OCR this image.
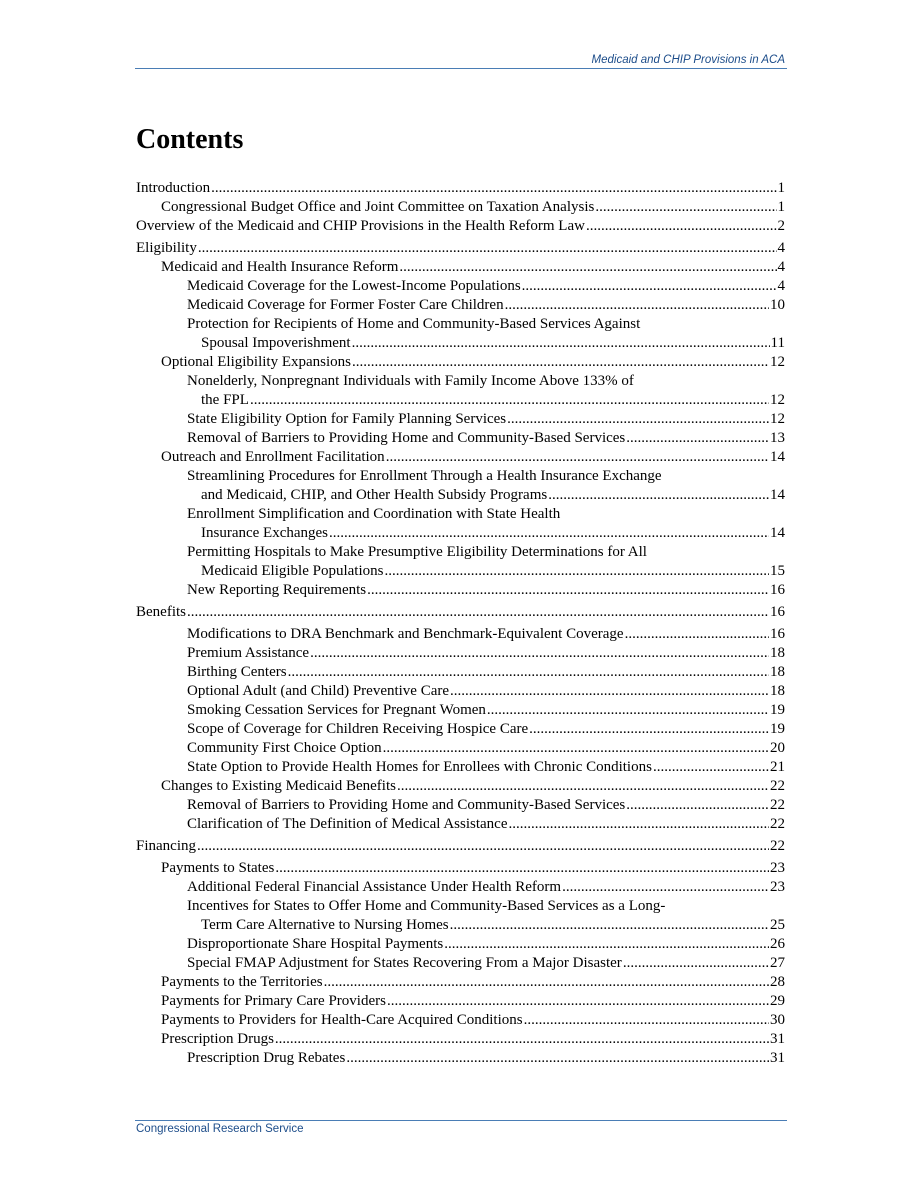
Medicaid and CHIP Provisions in ACA
Contents
Introduction .....	1
Congressional Budget Office and Joint Committee on Taxation Analysis .....	1
Overview of the Medicaid and CHIP Provisions in the Health Reform Law .....	2
Eligibility .....	4
Medicaid and Health Insurance Reform .....	4
Medicaid Coverage for the Lowest-Income Populations .....	4
Medicaid Coverage for Former Foster Care Children .....	10
Protection for Recipients of Home and Community-Based Services Against
Spousal Impoverishment .....	11
Optional Eligibility Expansions .....	12
Nonelderly, Nonpregnant Individuals with Family Income Above 133% of
the FPL .....	12
State Eligibility Option for Family Planning Services .....	12
Removal of Barriers to Providing Home and Community-Based Services .....	13
Outreach and Enrollment Facilitation .....	14
Streamlining Procedures for Enrollment Through a Health Insurance Exchange
and Medicaid, CHIP, and Other Health Subsidy Programs .....	14
Enrollment Simplification and Coordination with State Health
Insurance Exchanges .....	14
Permitting Hospitals to Make Presumptive Eligibility Determinations for All
Medicaid Eligible Populations .....	15
New Reporting Requirements .....	16
Benefits .....	16
Modifications to DRA Benchmark and Benchmark-Equivalent Coverage .....	16
Premium Assistance .....	18
Birthing Centers .....	18
Optional Adult (and Child) Preventive Care .....	18
Smoking Cessation Services for Pregnant Women .....	19
Scope of Coverage for Children Receiving Hospice Care .....	19
Community First Choice Option .....	20
State Option to Provide Health Homes for Enrollees with Chronic Conditions .....	21
Changes to Existing Medicaid Benefits .....	22
Removal of Barriers to Providing Home and Community-Based Services .....	22
Clarification of The Definition of Medical Assistance .....	22
Financing .....	22
Payments to States .....	23
Additional Federal Financial Assistance Under Health Reform .....	23
Incentives for States to Offer Home and Community-Based Services as a Long-
Term Care Alternative to Nursing Homes .....	25
Disproportionate Share Hospital Payments .....	26
Special FMAP Adjustment for States Recovering From a Major Disaster .....	27
Payments to the Territories .....	28
Payments for Primary Care Providers .....	29
Payments to Providers for Health-Care Acquired Conditions .....	30
Prescription Drugs .....	31
Prescription Drug Rebates .....	31
Congressional Research Service
